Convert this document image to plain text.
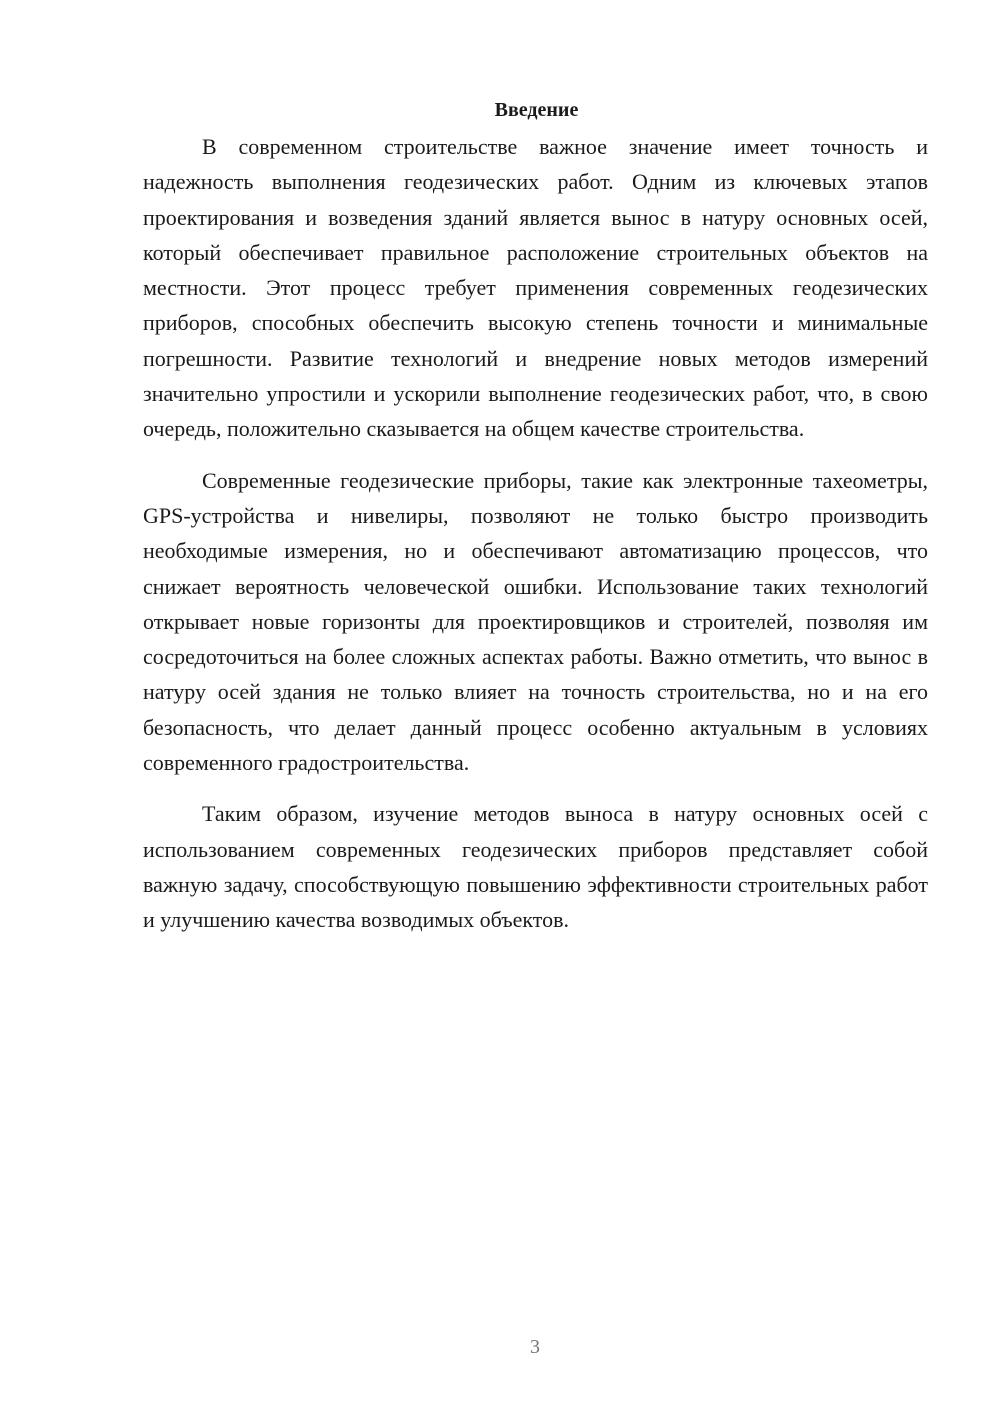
Введение

В современном строительстве важное значение имеет точность и надежность выполнения геодезических работ. Одним из ключевых этапов проектирования и возведения зданий является вынос в натуру основных осей, который обеспечивает правильное расположение строительных объектов на местности. Этот процесс требует применения современных геодезических приборов, способных обеспечить высокую степень точности и минимальные погрешности. Развитие технологий и внедрение новых методов измерений значительно упростили и ускорили выполнение геодезических работ, что, в свою очередь, положительно сказывается на общем качестве строительства.

Современные геодезические приборы, такие как электронные тахеометры, GPS-устройства и нивелиры, позволяют не только быстро производить необходимые измерения, но и обеспечивают автоматизацию процессов, что снижает вероятность человеческой ошибки. Использование таких технологий открывает новые горизонты для проектировщиков и строителей, позволяя им сосредоточиться на более сложных аспектах работы. Важно отметить, что вынос в натуру осей здания не только влияет на точность строительства, но и на его безопасность, что делает данный процесс особенно актуальным в условиях современного градостроительства.

Таким образом, изучение методов выноса в натуру основных осей с использованием современных геодезических приборов представляет собой важную задачу, способствующую повышению эффективности строительных работ и улучшению качества возводимых объектов.

3
